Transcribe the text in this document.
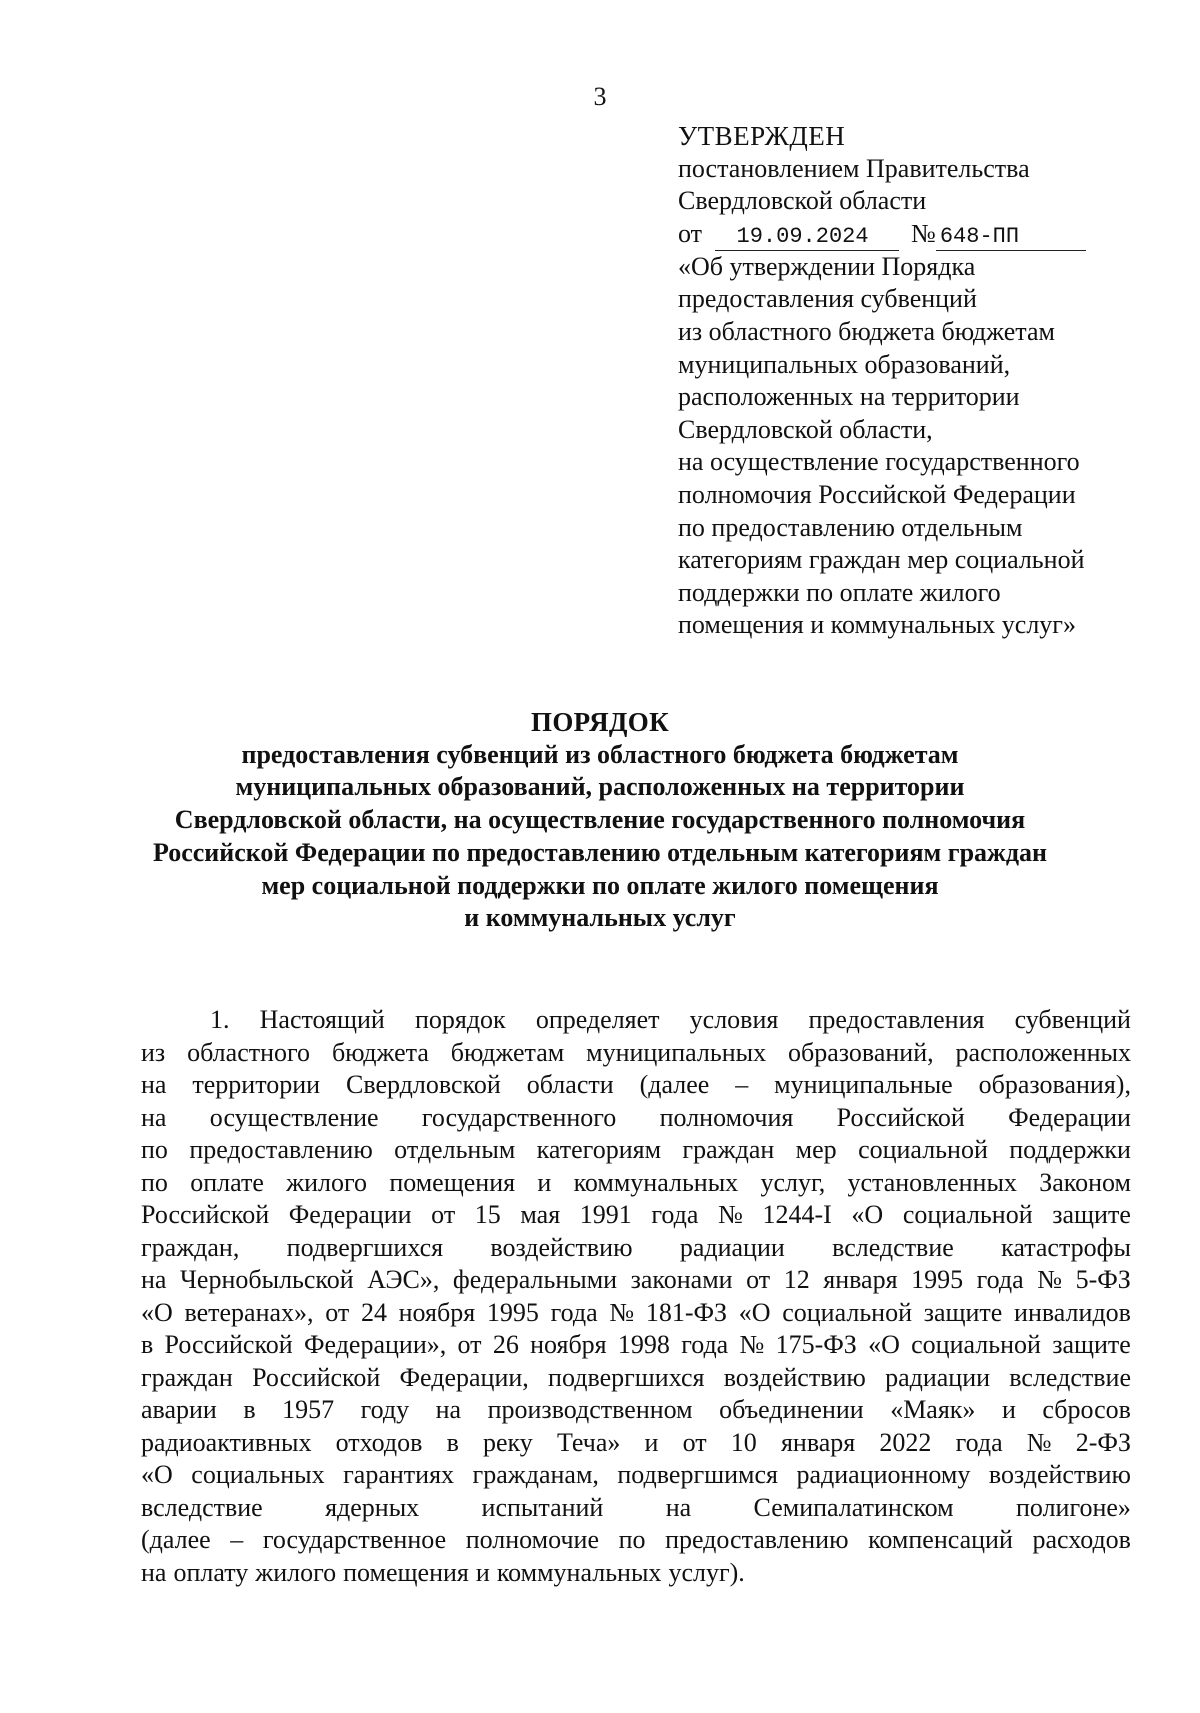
3
УТВЕРЖДЕН
постановлением Правительства
Свердловской области
от 19.09.2024 № 648-ПП
«Об утверждении Порядка
предоставления субвенций
из областного бюджета бюджетам
муниципальных образований,
расположенных на территории
Свердловской области,
на осуществление государственного
полномочия Российской Федерации
по предоставлению отдельным
категориям граждан мер социальной
поддержки по оплате жилого
помещения и коммунальных услуг»
ПОРЯДОК
предоставления субвенций из областного бюджета бюджетам
муниципальных образований, расположенных на территории
Свердловской области, на осуществление государственного полномочия
Российской Федерации по предоставлению отдельным категориям граждан
мер социальной поддержки по оплате жилого помещения
и коммунальных услуг
1. Настоящий порядок определяет условия предоставления субвенций
из областного бюджета бюджетам муниципальных образований, расположенных
на территории Свердловской области (далее – муниципальные образования),
на осуществление государственного полномочия Российской Федерации
по предоставлению отдельным категориям граждан мер социальной поддержки
по оплате жилого помещения и коммунальных услуг, установленных Законом
Российской Федерации от 15 мая 1991 года № 1244-I «О социальной защите
граждан, подвергшихся воздействию радиации вследствие катастрофы
на Чернобыльской АЭС», федеральными законами от 12 января 1995 года № 5-ФЗ
«О ветеранах», от 24 ноября 1995 года № 181-ФЗ «О социальной защите инвалидов
в Российской Федерации», от 26 ноября 1998 года № 175-ФЗ «О социальной защите
граждан Российской Федерации, подвергшихся воздействию радиации вследствие
аварии в 1957 году на производственном объединении «Маяк» и сбросов
радиоактивных отходов в реку Теча» и от 10 января 2022 года № 2-ФЗ
«О социальных гарантиях гражданам, подвергшимся радиационному воздействию
вследствие ядерных испытаний на Семипалатинском полигоне»
(далее – государственное полномочие по предоставлению компенсаций расходов
на оплату жилого помещения и коммунальных услуг).
